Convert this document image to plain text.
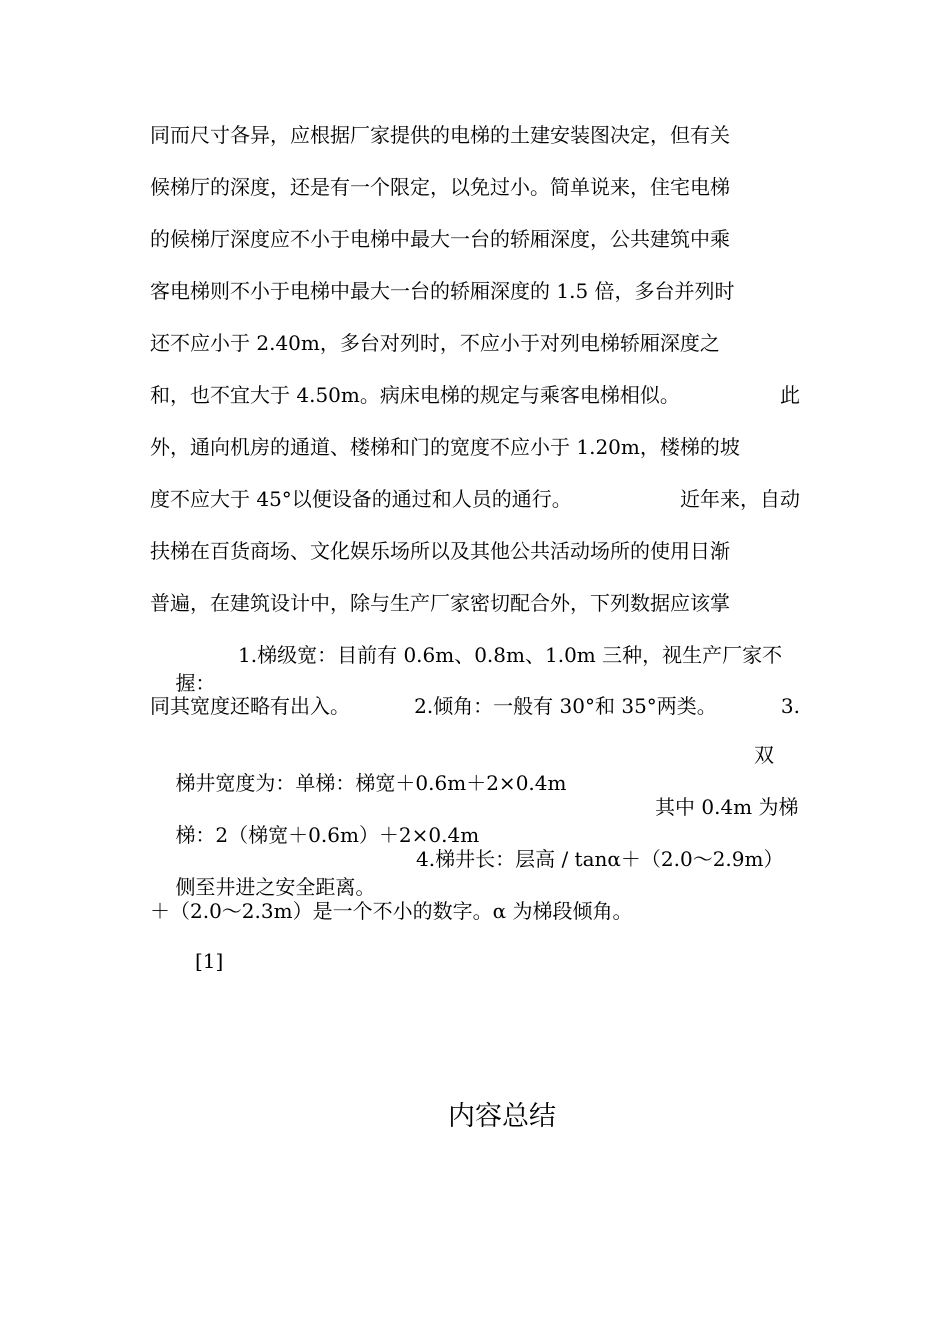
同而尺寸各异，应根据厂家提供的电梯的土建安装图决定，但有关
候梯厅的深度，还是有一个限定，以免过小。简单说来，住宅电梯
的候梯厅深度应不小于电梯中最大一台的轿厢深度，公共建筑中乘
客电梯则不小于电梯中最大一台的轿厢深度的 1.5 倍，多台并列时
还不应小于 2.40m，多台对列时，不应小于对列电梯轿厢深度之
和，也不宜大于 4.50m。病床电梯的规定与乘客电梯相似。	此
外，通向机房的通道、楼梯和门的宽度不应小于 1.20m，楼梯的坡
度不应大于 45°以便设备的通过和人员的通行。	近年来，自动
扶梯在百货商场、文化娱乐场所以及其他公共活动场所的使用日渐
普遍，在建筑设计中，除与生产厂家密切配合外，下列数据应该掌

握：

1.梯级宽：目前有 0.6m、0.8m、1.0m 三种，视生产厂家不

同其宽度还略有出入。	2.倾角：一般有 30°和 35°两类。	3.

梯井宽度为：单梯：梯宽＋0.6m＋2×0.4m

双

梯：2（梯宽＋0.6m）＋2×0.4m

其中 0.4m 为梯

侧至井进之安全距离。

4.梯井长：层高 / tanα＋（2.0～2.9m）

＋（2.0～2.3m）是一个不小的数字。α 为梯段倾角。
[1]
内容总结
